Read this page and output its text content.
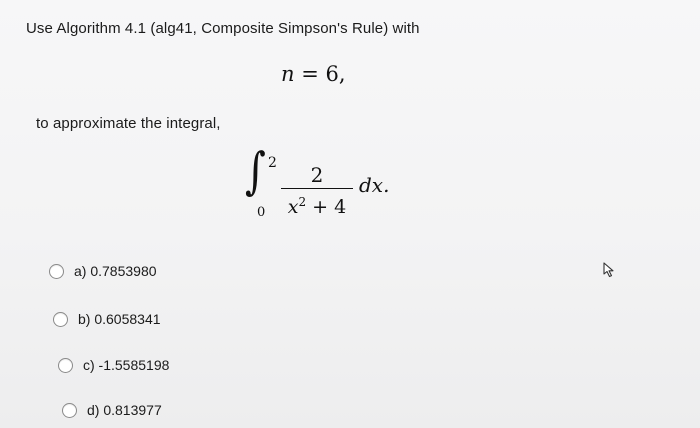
Use Algorithm 4.1 (alg41, Composite Simpson's Rule) with
n = 6,
to approximate the integral,
∫ 2
0
2
$x^2 + 4$
dx.
a) 0.7853980
b) 0.6058341
c) -1.5585198
d) 0.813977
